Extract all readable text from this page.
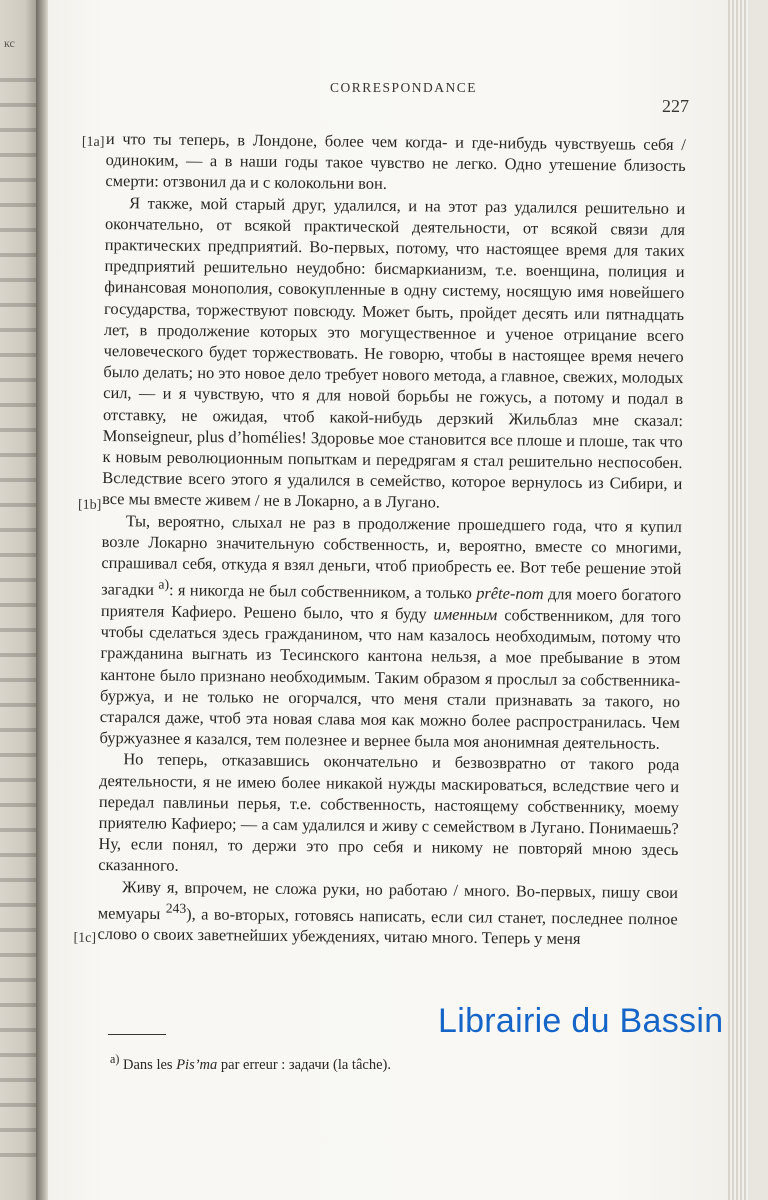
кс
CORRESPONDANCE
227
[1a]
[1b]
[1c]

и что ты теперь, в Лондоне, более чем когда- и где-нибудь чувствуешь себя / одиноким, — а в наши годы такое чувство не легко. Одно утешение близость смерти: отзвонил да и с колокольни вон.

Я также, мой старый друг, удалился, и на этот раз удалился решительно и окончательно, от всякой практической деятельности, от всякой связи для практических предприятий. Во-первых, потому, что настоящее время для таких предприятий решительно неудобно: бисмаркианизм, т.е. военщина, полиция и финансовая монополия, совокупленные в одну систему, носящую имя новейшего государства, торжествуют повсюду. Может быть, пройдет десять или пятнадцать лет, в продолжение которых это могущественное и ученое отрицание всего человеческого будет торжествовать. Не говорю, чтобы в настоящее время нечего было делать; но это новое дело требует нового метода, а главное, свежих, молодых сил, — и я чувствую, что я для новой борьбы не гожусь, а потому и подал в отставку, не ожидая, чтоб какой-нибудь дерзкий Жильблаз мне сказал: Monseigneur, plus d’homélies! Здоровье мое становится все плоше и плоше, так что к новым революционным попыткам и передрягам я стал решительно неспособен. Вследствие всего этого я удалился в семейство, которое вернулось из Сибири, и все мы вместе живем / не в Локарно, а в Лугано.

Ты, вероятно, слыхал не раз в продолжение прошедшего года, что я купил возле Локарно значительную собственность, и, вероятно, вместе со многими, спрашивал себя, откуда я взял деньги, чтоб приобресть ее. Вот тебе решение этой загадки $^{a)}$: я никогда не был собственником, а только prête-nom для моего богатого приятеля Кафиеро. Решено было, что я буду именным собственником, для того чтобы сделаться здесь гражданином, что нам казалось необходимым, потому что гражданина выгнать из Тесинского кантона нельзя, а мое пребывание в этом кантоне было признано необходимым. Таким образом я прослыл за собственника-буржуа, и не только не огорчался, что меня стали признавать за такого, но старался даже, чтоб эта новая слава моя как можно более распространилась. Чем буржуазнее я казался, тем полезнее и вернее была моя анонимная деятельность.

Но теперь, отказавшись окончательно и безвозвратно от такого рода деятельности, я не имею более никакой нужды маскироваться, вследствие чего и передал павлиньи перья, т.е. собственность, настоящему собственнику, моему приятелю Кафиеро; — а сам удалился и живу с семейством в Лугано. Понимаешь? Ну, если понял, то держи это про себя и никому не повторяй мною здесь сказанного.

Живу я, впрочем, не сложа руки, но работаю / много. Во-первых, пишу свои мемуары $^{243}$), а во-вторых, готовясь написать, если сил станет, последнее полное слово о своих заветнейших убеждениях, читаю много. Теперь у меня

$^{a)}$ Dans les Pis’ma par erreur : задачи (la tâche).
Librairie du Bassin
